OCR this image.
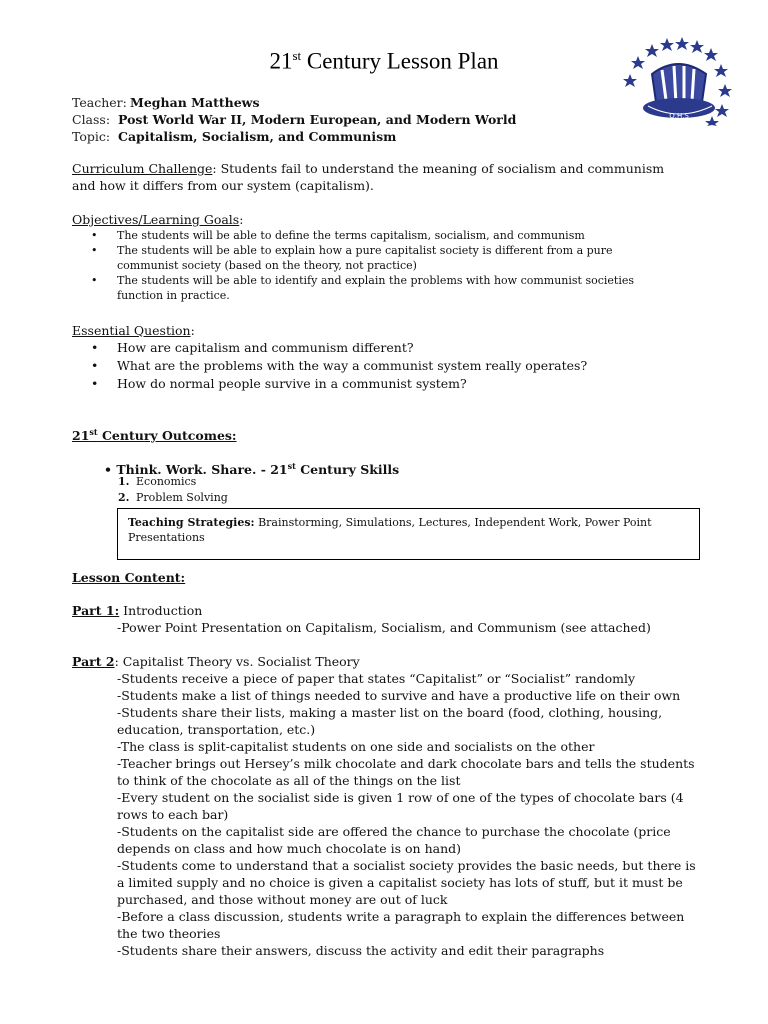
21st Century Lesson Plan
Q.H.S
Teacher: Meghan Matthews
Class: Post World War II, Modern European, and Modern World
Topic: Capitalism, Socialism, and Communism
Curriculum Challenge: Students fail to understand the meaning of socialism and communism
and how it differs from our system (capitalism).
Objectives/Learning Goals:
• The students will be able to define the terms capitalism, socialism, and communism
• The students will be able to explain how a pure capitalist society is different from a pure communist society (based on the theory, not practice)
• The students will be able to identify and explain the problems with how communist societies function in practice.
Essential Question:
• How are capitalism and communism different?
• What are the problems with the way a communist system really operates?
• How do normal people survive in a communist system?
21st Century Outcomes:
• Think. Work. Share. - 21st Century Skills
1. Economics
2. Problem Solving
Teaching Strategies: Brainstorming, Simulations, Lectures, Independent Work, Power Point Presentations
Lesson Content:
Part 1: Introduction
-Power Point Presentation on Capitalism, Socialism, and Communism (see attached)
Part 2: Capitalist Theory vs. Socialist Theory
-Students receive a piece of paper that states “Capitalist” or “Socialist” randomly
-Students make a list of things needed to survive and have a productive life on their own
-Students share their lists, making a master list on the board (food, clothing, housing,
education, transportation, etc.)
-The class is split-capitalist students on one side and socialists on the other
-Teacher brings out Hersey’s milk chocolate and dark chocolate bars and tells the students
to think of the chocolate as all of the things on the list
-Every student on the socialist side is given 1 row of one of the types of chocolate bars (4
rows to each bar)
-Students on the capitalist side are offered the chance to purchase the chocolate (price
depends on class and how much chocolate is on hand)
-Students come to understand that a socialist society provides the basic needs, but there is
a limited supply and no choice is given a capitalist society has lots of stuff, but it must be
purchased, and those without money are out of luck
-Before a class discussion, students write a paragraph to explain the differences between
the two theories
-Students share their answers, discuss the activity and edit their paragraphs
